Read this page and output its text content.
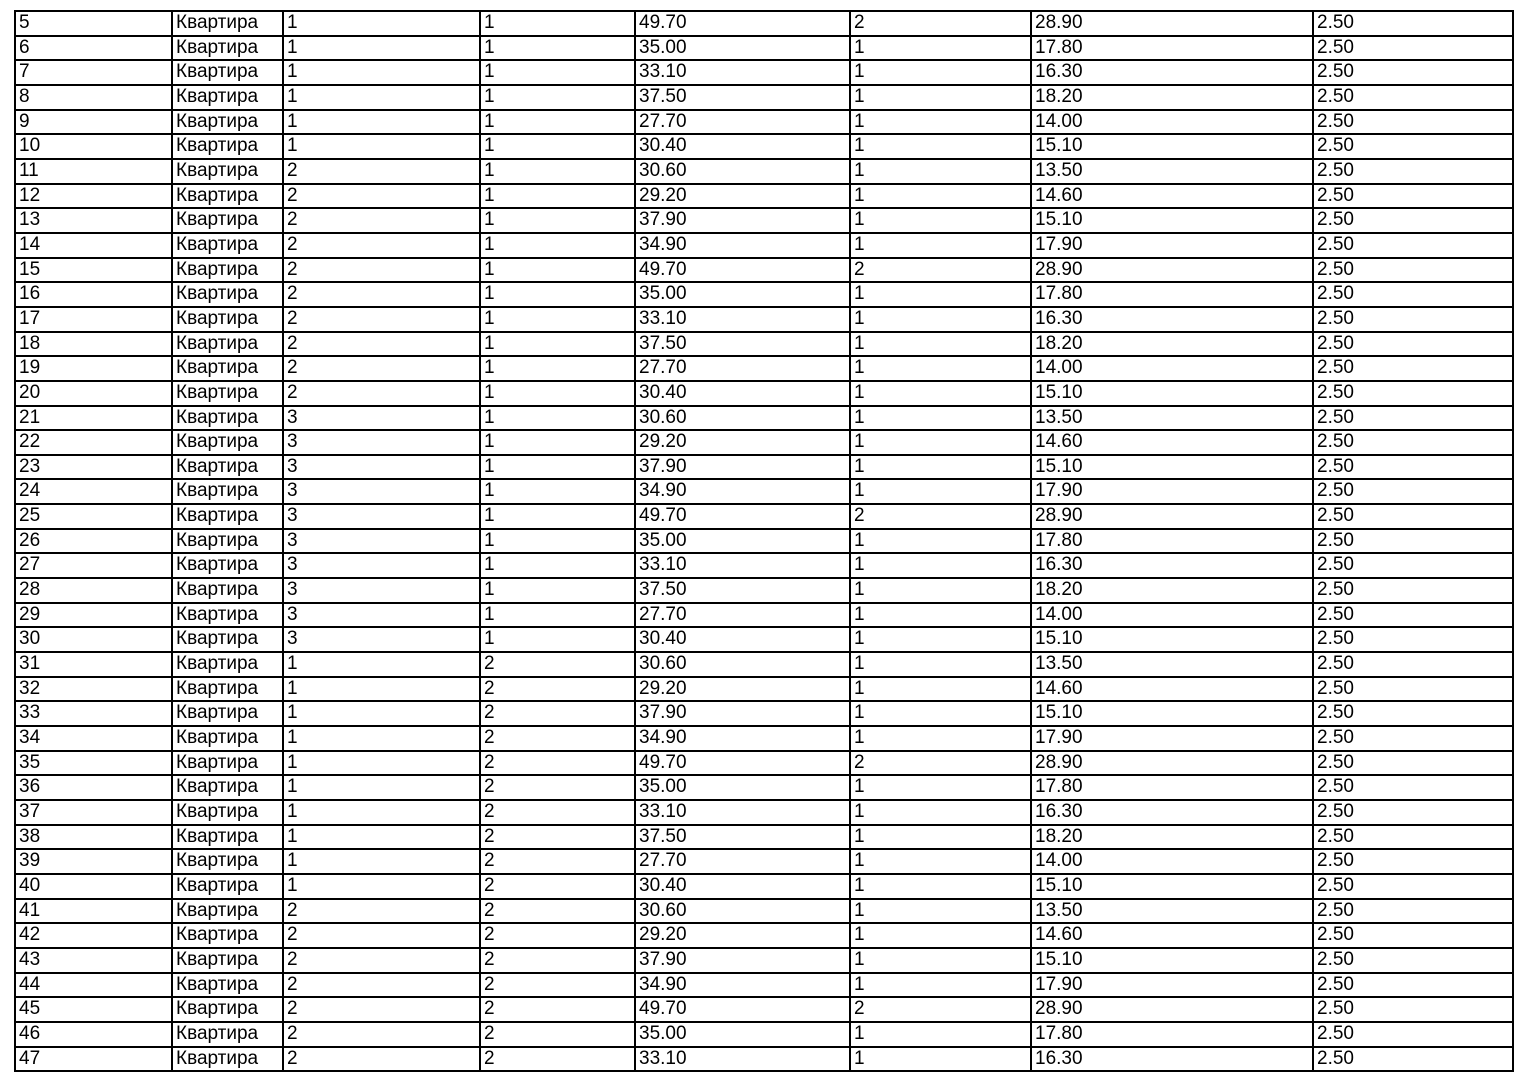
5	Квартира	1	1	49.70	2	28.90	2.50
6	Квартира	1	1	35.00	1	17.80	2.50
7	Квартира	1	1	33.10	1	16.30	2.50
8	Квартира	1	1	37.50	1	18.20	2.50
9	Квартира	1	1	27.70	1	14.00	2.50
10	Квартира	1	1	30.40	1	15.10	2.50
11	Квартира	2	1	30.60	1	13.50	2.50
12	Квартира	2	1	29.20	1	14.60	2.50
13	Квартира	2	1	37.90	1	15.10	2.50
14	Квартира	2	1	34.90	1	17.90	2.50
15	Квартира	2	1	49.70	2	28.90	2.50
16	Квартира	2	1	35.00	1	17.80	2.50
17	Квартира	2	1	33.10	1	16.30	2.50
18	Квартира	2	1	37.50	1	18.20	2.50
19	Квартира	2	1	27.70	1	14.00	2.50
20	Квартира	2	1	30.40	1	15.10	2.50
21	Квартира	3	1	30.60	1	13.50	2.50
22	Квартира	3	1	29.20	1	14.60	2.50
23	Квартира	3	1	37.90	1	15.10	2.50
24	Квартира	3	1	34.90	1	17.90	2.50
25	Квартира	3	1	49.70	2	28.90	2.50
26	Квартира	3	1	35.00	1	17.80	2.50
27	Квартира	3	1	33.10	1	16.30	2.50
28	Квартира	3	1	37.50	1	18.20	2.50
29	Квартира	3	1	27.70	1	14.00	2.50
30	Квартира	3	1	30.40	1	15.10	2.50
31	Квартира	1	2	30.60	1	13.50	2.50
32	Квартира	1	2	29.20	1	14.60	2.50
33	Квартира	1	2	37.90	1	15.10	2.50
34	Квартира	1	2	34.90	1	17.90	2.50
35	Квартира	1	2	49.70	2	28.90	2.50
36	Квартира	1	2	35.00	1	17.80	2.50
37	Квартира	1	2	33.10	1	16.30	2.50
38	Квартира	1	2	37.50	1	18.20	2.50
39	Квартира	1	2	27.70	1	14.00	2.50
40	Квартира	1	2	30.40	1	15.10	2.50
41	Квартира	2	2	30.60	1	13.50	2.50
42	Квартира	2	2	29.20	1	14.60	2.50
43	Квартира	2	2	37.90	1	15.10	2.50
44	Квартира	2	2	34.90	1	17.90	2.50
45	Квартира	2	2	49.70	2	28.90	2.50
46	Квартира	2	2	35.00	1	17.80	2.50
47	Квартира	2	2	33.10	1	16.30	2.50
